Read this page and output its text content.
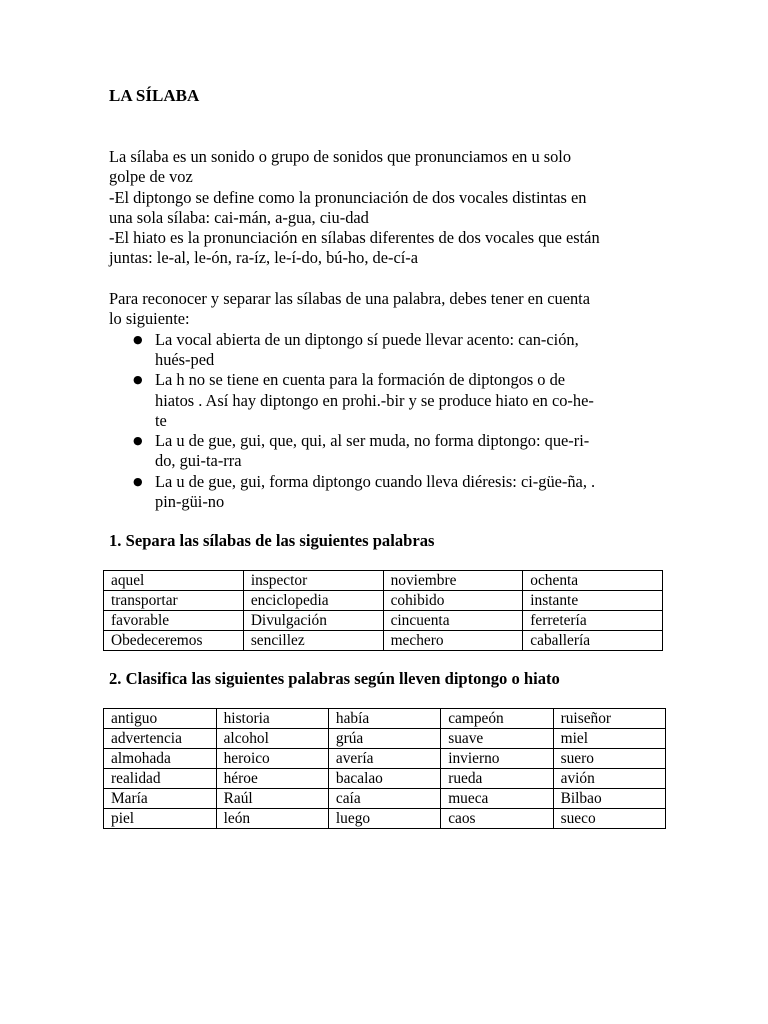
LA SÍLABA

La sílaba es un sonido o grupo de sonidos que pronunciamos en u solo

golpe de voz

-El diptongo se define como la pronunciación de dos vocales distintas en

una sola sílaba: cai-mán, a-gua, ciu-dad

-El hiato es la pronunciación en sílabas diferentes de dos vocales que están

juntas: le-al, le-ón, ra-íz, le-í-do, bú-ho, de-cí-a

Para reconocer y separar las sílabas de una palabra, debes tener en cuenta

lo siguiente:

● La vocal abierta de un diptongo sí puede llevar acento: can-ción,
hués-ped
● La h no se tiene en cuenta para la formación de diptongos o de
hiatos . Así hay diptongo en prohi.-bir y se produce hiato en co-he-
te
● La u de gue, gui, que, qui, al ser muda, no forma diptongo: que-ri-
do, gui-ta-rra
● La u de gue, gui, forma diptongo cuando lleva diéresis: ci-güe-ña, .
pin-güi-no
1. Separa las sílabas de las siguientes palabras
aquel	inspector	noviembre	ochenta
transportar	enciclopedia	cohibido	instante
favorable	Divulgación	cincuenta	ferretería
Obedeceremos	sencillez	mechero	caballería
2. Clasifica las siguientes palabras según lleven diptongo o hiato
antiguo	historia	había	campeón	ruiseñor
advertencia	alcohol	grúa	suave	miel
almohada	heroico	avería	invierno	suero
realidad	héroe	bacalao	rueda	avión
María	Raúl	caía	mueca	Bilbao
piel	león	luego	caos	sueco
